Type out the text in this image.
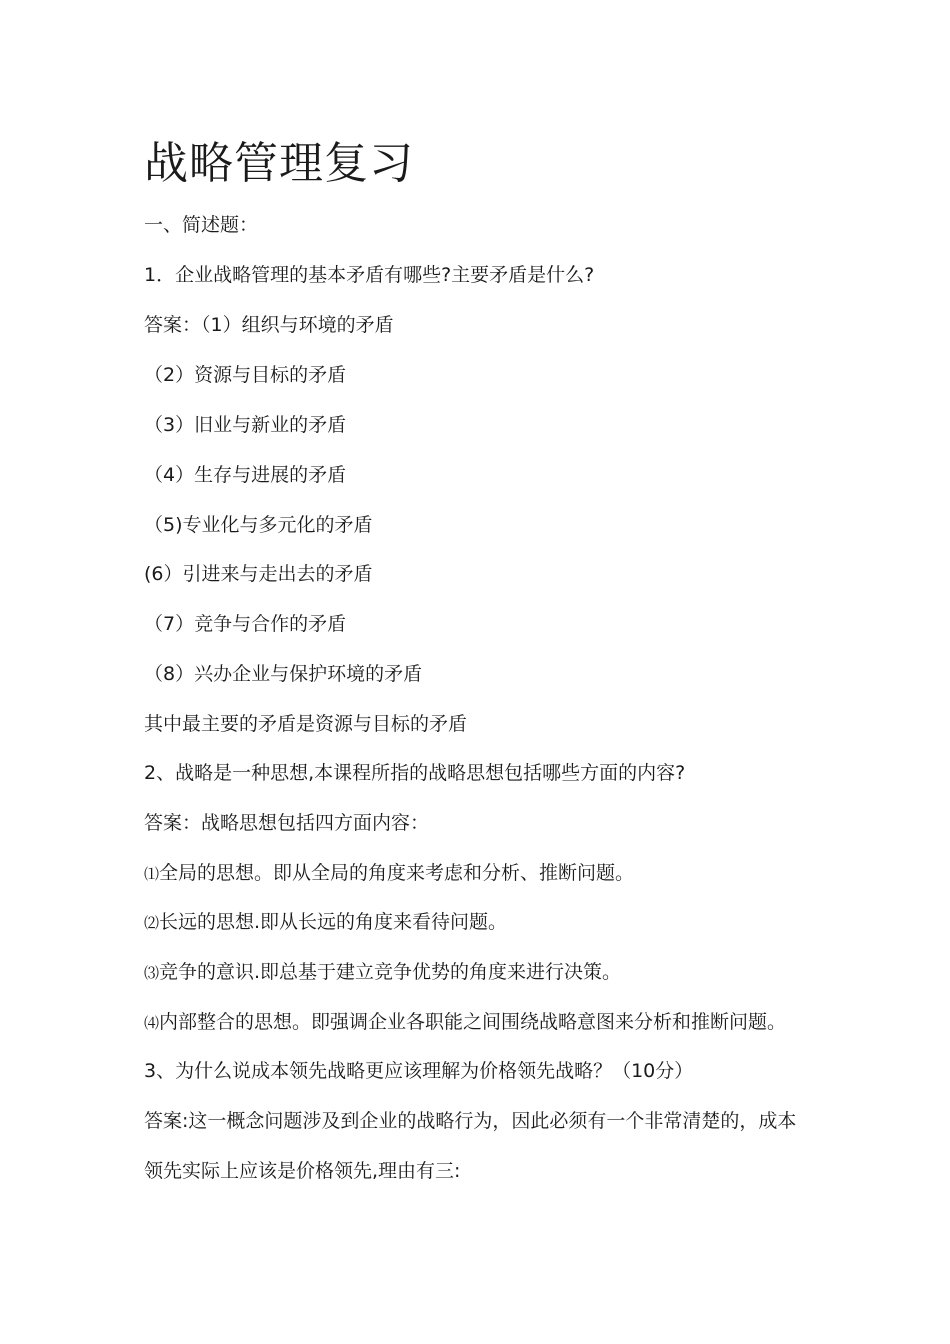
战略管理复习

一、简述题：

1．企业战略管理的基本矛盾有哪些?主要矛盾是什么?

答案：（1）组织与环境的矛盾

（2）资源与目标的矛盾

（3）旧业与新业的矛盾

（4）生存与进展的矛盾

（5)专业化与多元化的矛盾

(6）引进来与走出去的矛盾

（7）竞争与合作的矛盾

（8）兴办企业与保护环境的矛盾

其中最主要的矛盾是资源与目标的矛盾

2、战略是一种思想,本课程所指的战略思想包括哪些方面的内容?

答案：战略思想包括四方面内容：

⑴全局的思想。即从全局的角度来考虑和分析、推断问题。

⑵长远的思想.即从长远的角度来看待问题。

⑶竞争的意识.即总基于建立竞争优势的角度来进行决策。

⑷内部整合的思想。即强调企业各职能之间围绕战略意图来分析和推断问题。

3、为什么说成本领先战略更应该理解为价格领先战略？（10分）

答案:这一概念问题涉及到企业的战略行为，因此必须有一个非常清楚的，成本

领先实际上应该是价格领先,理由有三:
